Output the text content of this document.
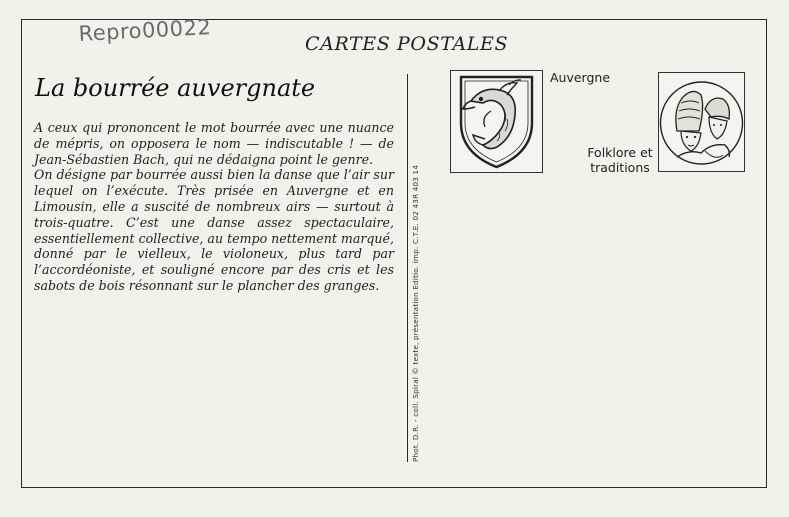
Repro00022	CARTES POSTALES
La bourrée auvergnate

A ceux qui prononcent le mot bourrée avec une nuance de mépris, on opposera le nom — indiscutable ! — de Jean-Sébastien Bach, qui ne dédaigna point le genre.

On désigne par bourrée aussi bien la danse que l’air sur lequel on l’exécute. Très prisée en Auvergne et en Limousin, elle a suscité de nombreux airs — surtout à trois-quatre. C’est une danse assez spectaculaire, essentiellement collective, au tempo nettement marqué, donné par le vielleux, le violoneux, plus tard par l’accordéoniste, et souligné encore par des cris et les sabots de bois résonnant sur le plancher des granges.	Phot. D.R. - coll. Spiral © texte, présentation Editio. imp. C.T.E. 02 43R 403 14
Auvergne
Folklore et traditions
